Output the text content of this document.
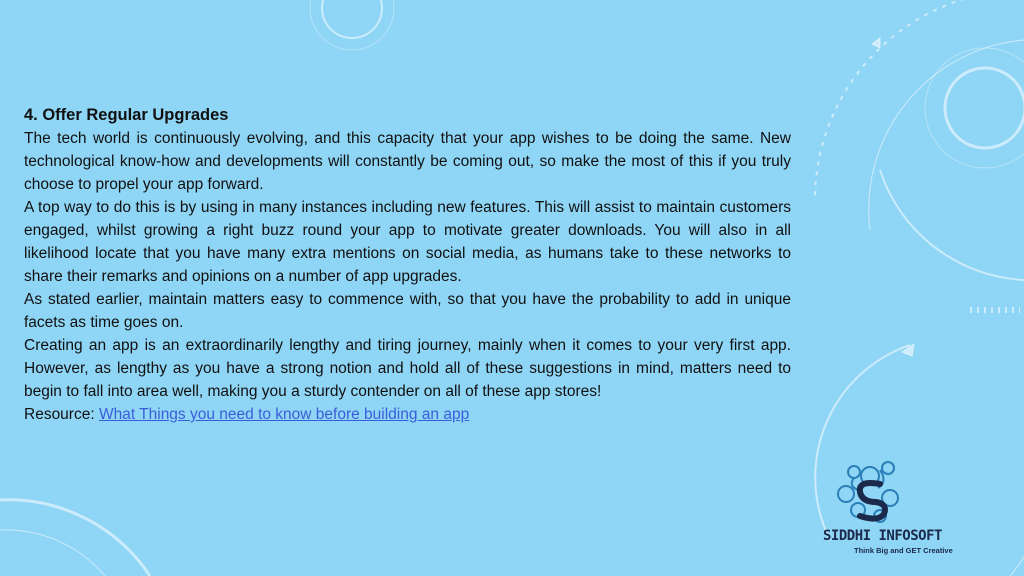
4. Offer Regular Upgrades

The tech world is continuously evolving, and this capacity that your app wishes to be doing the same. New technological know-how and developments will constantly be coming out, so make the most of this if you truly choose to propel your app forward.

A top way to do this is by using in many instances including new features. This will assist to maintain customers engaged, whilst growing a right buzz round your app to motivate greater downloads. You will also in all likelihood locate that you have many extra mentions on social media, as humans take to these networks to share their remarks and opinions on a number of app upgrades.

As stated earlier, maintain matters easy to commence with, so that you have the probability to add in unique facets as time goes on.

Creating an app is an extraordinarily lengthy and tiring journey, mainly when it comes to your very first app. However, as lengthy as you have a strong notion and hold all of these suggestions in mind, matters need to begin to fall into area well, making you a sturdy contender on all of these app stores!

Resource: What Things you need to know before building an app

SIDDHI INFOSOFT
Think Big and GET Creative
